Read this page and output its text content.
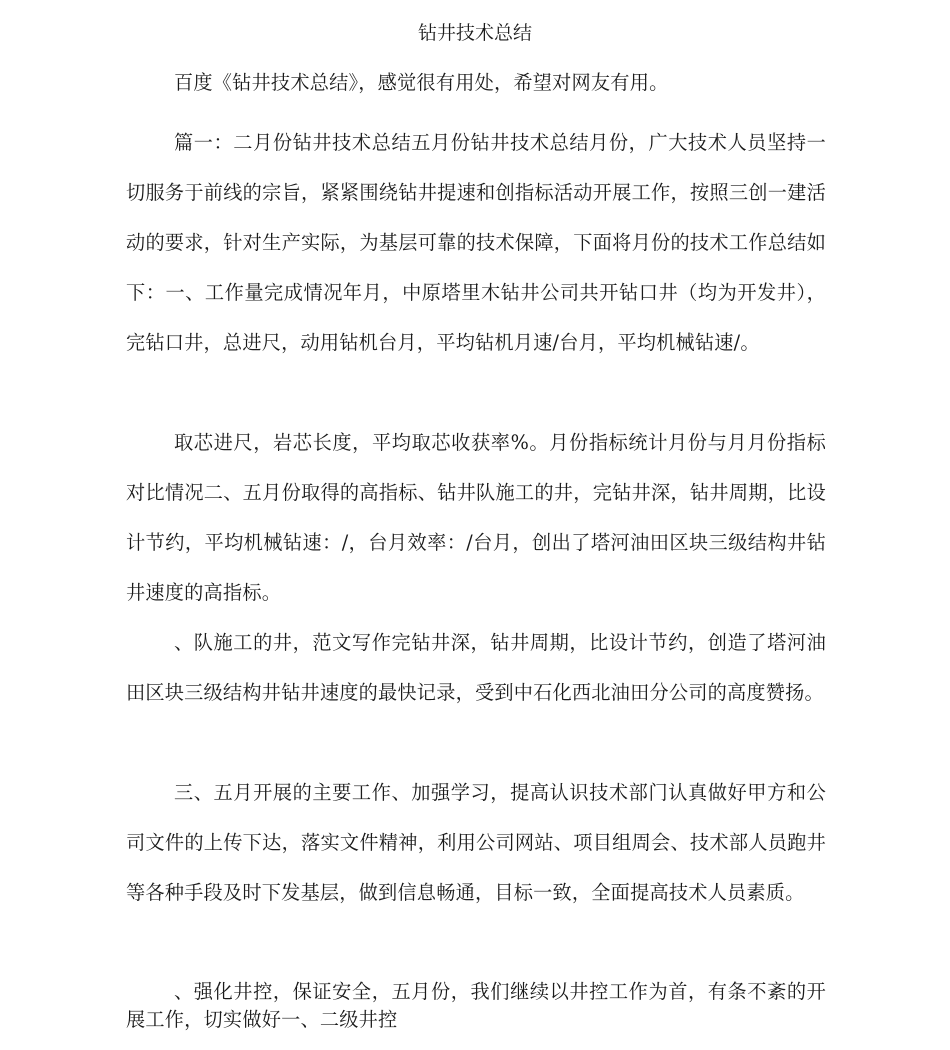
钻井技术总结

百度《钻井技术总结》，感觉很有用处，希望对网友有用。

篇一：二月份钻井技术总结五月份钻井技术总结月份，广大技术人员坚持一切服务于前线的宗旨，紧紧围绕钻井提速和创指标活动开展工作，按照三创一建活动的要求，针对生产实际，为基层可靠的技术保障，下面将月份的技术工作总结如下：一、工作量完成情况年月，中原塔里木钻井公司共开钻口井（均为开发井），完钻口井，总进尺，动用钻机台月，平均钻机月速/台月，平均机械钻速/。

取芯进尺，岩芯长度，平均取芯收获率%。月份指标统计月份与月月份指标对比情况二、五月份取得的高指标、钻井队施工的井，完钻井深，钻井周期，比设计节约，平均机械钻速：/，台月效率：/台月，创出了塔河油田区块三级结构井钻井速度的高指标。

、队施工的井，范文写作完钻井深，钻井周期，比设计节约，创造了塔河油田区块三级结构井钻井速度的最快记录，受到中石化西北油田分公司的高度赞扬。

三、五月开展的主要工作、加强学习，提高认识技术部门认真做好甲方和公司文件的上传下达，落实文件精神，利用公司网站、项目组周会、技术部人员跑井等各种手段及时下发基层，做到信息畅通，目标一致，全面提高技术人员素质。

、强化井控，保证安全，五月份，我们继续以井控工作为首，有条不紊的开展工作，切实做好一、二级井控
